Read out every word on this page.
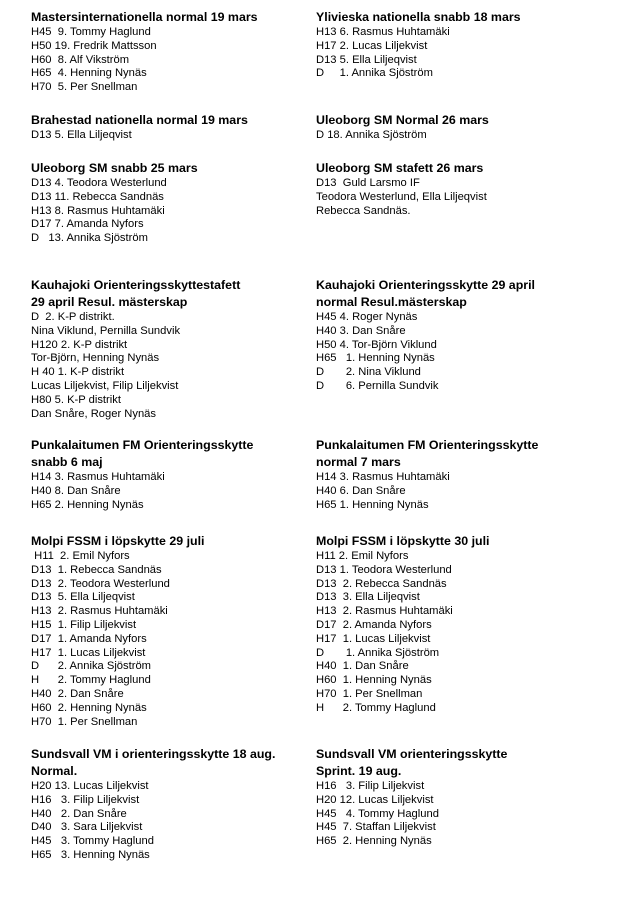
Mastersinternationella normal 19 mars
H45  9. Tommy Haglund
H50 19. Fredrik Mattsson
H60  8. Alf Vikström
H65  4. Henning Nynäs
H70  5. Per Snellman
Ylivieska nationella snabb 18 mars
H13 6. Rasmus Huhtamäki
H17 2. Lucas Liljekvist
D13 5. Ella Liljeqvist
D     1. Annika Sjöström
Brahestad nationella normal 19 mars
D13 5. Ella Liljeqvist
Uleoborg SM Normal 26 mars
D 18. Annika Sjöström
Uleoborg SM snabb 25 mars
D13 4. Teodora Westerlund
D13 11. Rebecca Sandnäs
H13 8. Rasmus Huhtamäki
D17 7. Amanda Nyfors
D   13. Annika Sjöström
Uleoborg SM stafett 26 mars
D13  Guld Larsmo IF
Teodora Westerlund, Ella Liljeqvist
Rebecca Sandnäs.
Kauhajoki Orienteringsskyttestafett
29 april Resul. mästerskap
D  2. K-P distrikt.
Nina Viklund, Pernilla Sundvik
H120 2. K-P distrikt
Tor-Björn, Henning Nynäs
H 40 1. K-P distrikt
Lucas Liljekvist, Filip Liljekvist
H80 5. K-P distrikt
Dan Snåre, Roger Nynäs
Kauhajoki Orienteringsskytte 29 april
normal Resul.mästerskap
H45 4. Roger Nynäs
H40 3. Dan Snåre
H50 4. Tor-Björn Viklund
H65   1. Henning Nynäs
D       2. Nina Viklund
D       6. Pernilla Sundvik
Punkalaitumen FM Orienteringsskytte
snabb 6 maj
H14 3. Rasmus Huhtamäki
H40 8. Dan Snåre
H65 2. Henning Nynäs
Punkalaitumen FM Orienteringsskytte
normal 7 mars
H14 3. Rasmus Huhtamäki
H40 6. Dan Snåre
H65 1. Henning Nynäs
Molpi FSSM i löpskytte 29 juli
H11  2. Emil Nyfors
D13  1. Rebecca Sandnäs
D13  2. Teodora Westerlund
D13  5. Ella Liljeqvist
H13  2. Rasmus Huhtamäki
H15  1. Filip Liljekvist
D17  1. Amanda Nyfors
H17  1. Lucas Liljekvist
D      2. Annika Sjöström
H      2. Tommy Haglund
H40  2. Dan Snåre
H60  2. Henning Nynäs
H70  1. Per Snellman
Molpi FSSM i löpskytte 30 juli
H11 2. Emil Nyfors
D13 1. Teodora Westerlund
D13  2. Rebecca Sandnäs
D13  3. Ella Liljeqvist
H13  2. Rasmus Huhtamäki
D17  2. Amanda Nyfors
H17  1. Lucas Liljekvist
D       1. Annika Sjöström
H40  1. Dan Snåre
H60  1. Henning Nynäs
H70  1. Per Snellman
H      2. Tommy Haglund
Sundsvall VM i orienteringsskytte 18 aug.
Normal.
H20 13. Lucas Liljekvist
H16   3. Filip Liljekvist
H40   2. Dan Snåre
D40   3. Sara Liljekvist
H45   3. Tommy Haglund
H65   3. Henning Nynäs
Sundsvall VM orienteringsskytte
Sprint. 19 aug.
H16   3. Filip Liljekvist
H20 12. Lucas Liljekvist
H45   4. Tommy Haglund
H45  7. Staffan Liljekvist
H65  2. Henning Nynäs
